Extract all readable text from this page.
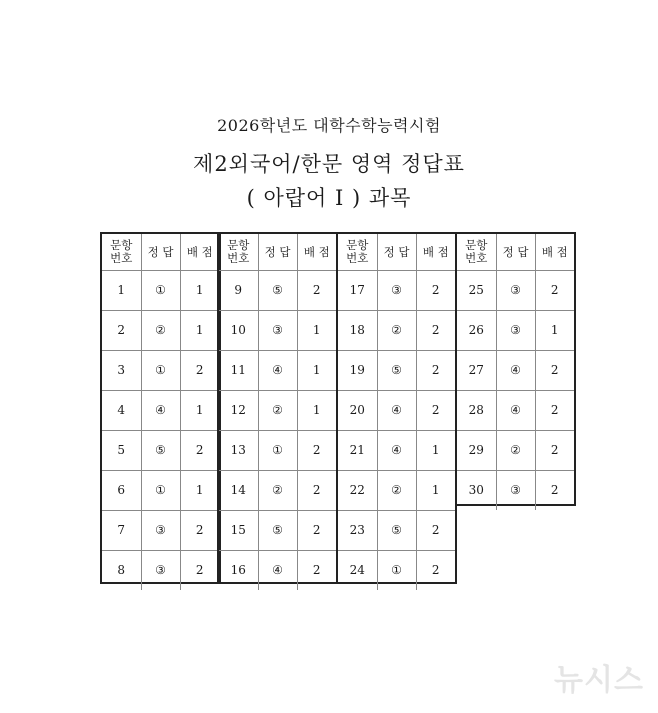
2026학년도 대학수학능력시험
제2외국어/한문 영역 정답표
( 아랍어 I ) 과목
문항
번호	정 답	배 점
1	①	1
2	②	1
3	①	2
4	④	1
5	⑤	2
6	①	1
7	③	2
8	③	2
문항
번호	정 답	배 점
9	⑤	2
10	③	1
11	④	1
12	②	1
13	①	2
14	②	2
15	⑤	2
16	④	2
문항
번호	정 답	배 점
17	③	2
18	②	2
19	⑤	2
20	④	2
21	④	1
22	②	1
23	⑤	2
24	①	2
문항
번호	정 답	배 점
25	③	2
26	③	1
27	④	2
28	④	2
29	②	2
30	③	2
뉴시스
